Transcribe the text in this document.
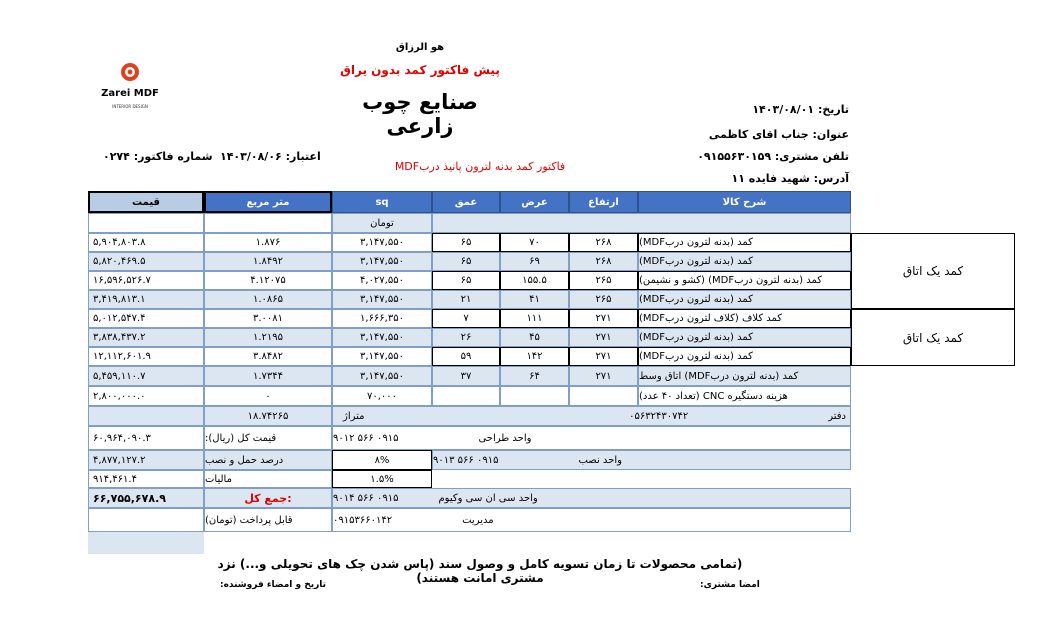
هو الرزاق
پیش فاکتور کمد بدون یراق
صنایع چوب زارعی
Zarei MDF
INTERIOR DESIGN	تاریخ: ۱۴۰۳/۰۸/۰۱
عنوان: جناب اقای کاظمی
تلفن مشتری: ۰۹۱۵۵۶۳۰۱۵۹
آدرس: شهید فایده ۱۱
اعتبار: ۱۴۰۳/۰۸/۰۶
شماره فاکتور: ۰۲۷۴
فاکتور کمد بدنه لترون پانیذ دربMDF
شرح کالا
ارتفاع
عرض
عمق
sq
متر مربع
قیمت
تومان
کمد یک اتاق
کمد یک اتاق
کمد (بدنه لترون دربMDF)
۲۶۸
۷۰
۶۵
۳,۱۴۷,۵۵۰
۱.۸۷۶
۵,۹۰۴,۸۰۳.۸
کمد (بدنه لترون دربMDF)
۲۶۸
۶۹
۶۵
۳,۱۴۷,۵۵۰
۱.۸۴۹۲
۵,۸۲۰,۴۶۹.۵
کمد (بدنه لترون دربMDF) (کشو و نشیمن)
۲۶۵
۱۵۵.۵
۶۵
۴,۰۲۷,۵۵۰
۴.۱۲۰۷۵
۱۶,۵۹۶,۵۲۶.۷
کمد (بدنه لترون دربMDF)
۲۶۵
۴۱
۲۱
۳,۱۴۷,۵۵۰
۱.۰۸۶۵
۳,۴۱۹,۸۱۳.۱
کمد کلاف (کلاف لترون دربMDF)
۲۷۱
۱۱۱
۷
۱,۶۶۶,۳۵۰
۳.۰۰۸۱
۵,۰۱۲,۵۴۷.۴
کمد (بدنه لترون دربMDF)
۲۷۱
۴۵
۲۶
۳,۱۴۷,۵۵۰
۱.۲۱۹۵
۳,۸۳۸,۴۳۷.۲
کمد (بدنه لترون دربMDF)
۲۷۱
۱۴۲
۵۹
۳,۱۴۷,۵۵۰
۳.۸۴۸۲
۱۲,۱۱۲,۶۰۱.۹
کمد (بدنه لترون دربMDF) اتاق وسط
۲۷۱
۶۴
۳۷
۳,۱۴۷,۵۵۰
۱.۷۳۴۴
۵,۴۵۹,۱۱۰.۷
هزینه دستگیره CNC (تعداد ۴۰ عدد)
۷۰,۰۰۰
۰
۲,۸۰۰,۰۰۰.۰
دفتر
۰۵۶۳۲۴۳۰۷۴۲
متراژ
۱۸.۷۴۲۶۵
واحد طراحی
۰۹۱۵ ۵۶۶ ۹۰۱۲
قیمت کل (ریال):
۶۰,۹۶۴,۰۹۰.۳
واحد نصب
۰۹۱۵ ۵۶۶ ۹۰۱۳
۸%
درصد حمل و نصب
۴,۸۷۷,۱۲۷.۲
۱.۵%
مالیات
۹۱۴,۴۶۱.۴
واحد سی ان سی وکیوم
۰۹۱۵ ۵۶۶ ۹۰۱۴
جمع کل:
۶۶,۷۵۵,۶۷۸.۹
مدیریت
۰۹۱۵۳۶۶۰۱۴۲
قابل پرداخت (تومان)
(تمامی محصولات تا زمان تسویه کامل و وصول سند (پاس شدن چک های تحویلی و...) نزد مشتری امانت هستند)	امضا مشتری:
تاریخ و امضاء فروشنده:
